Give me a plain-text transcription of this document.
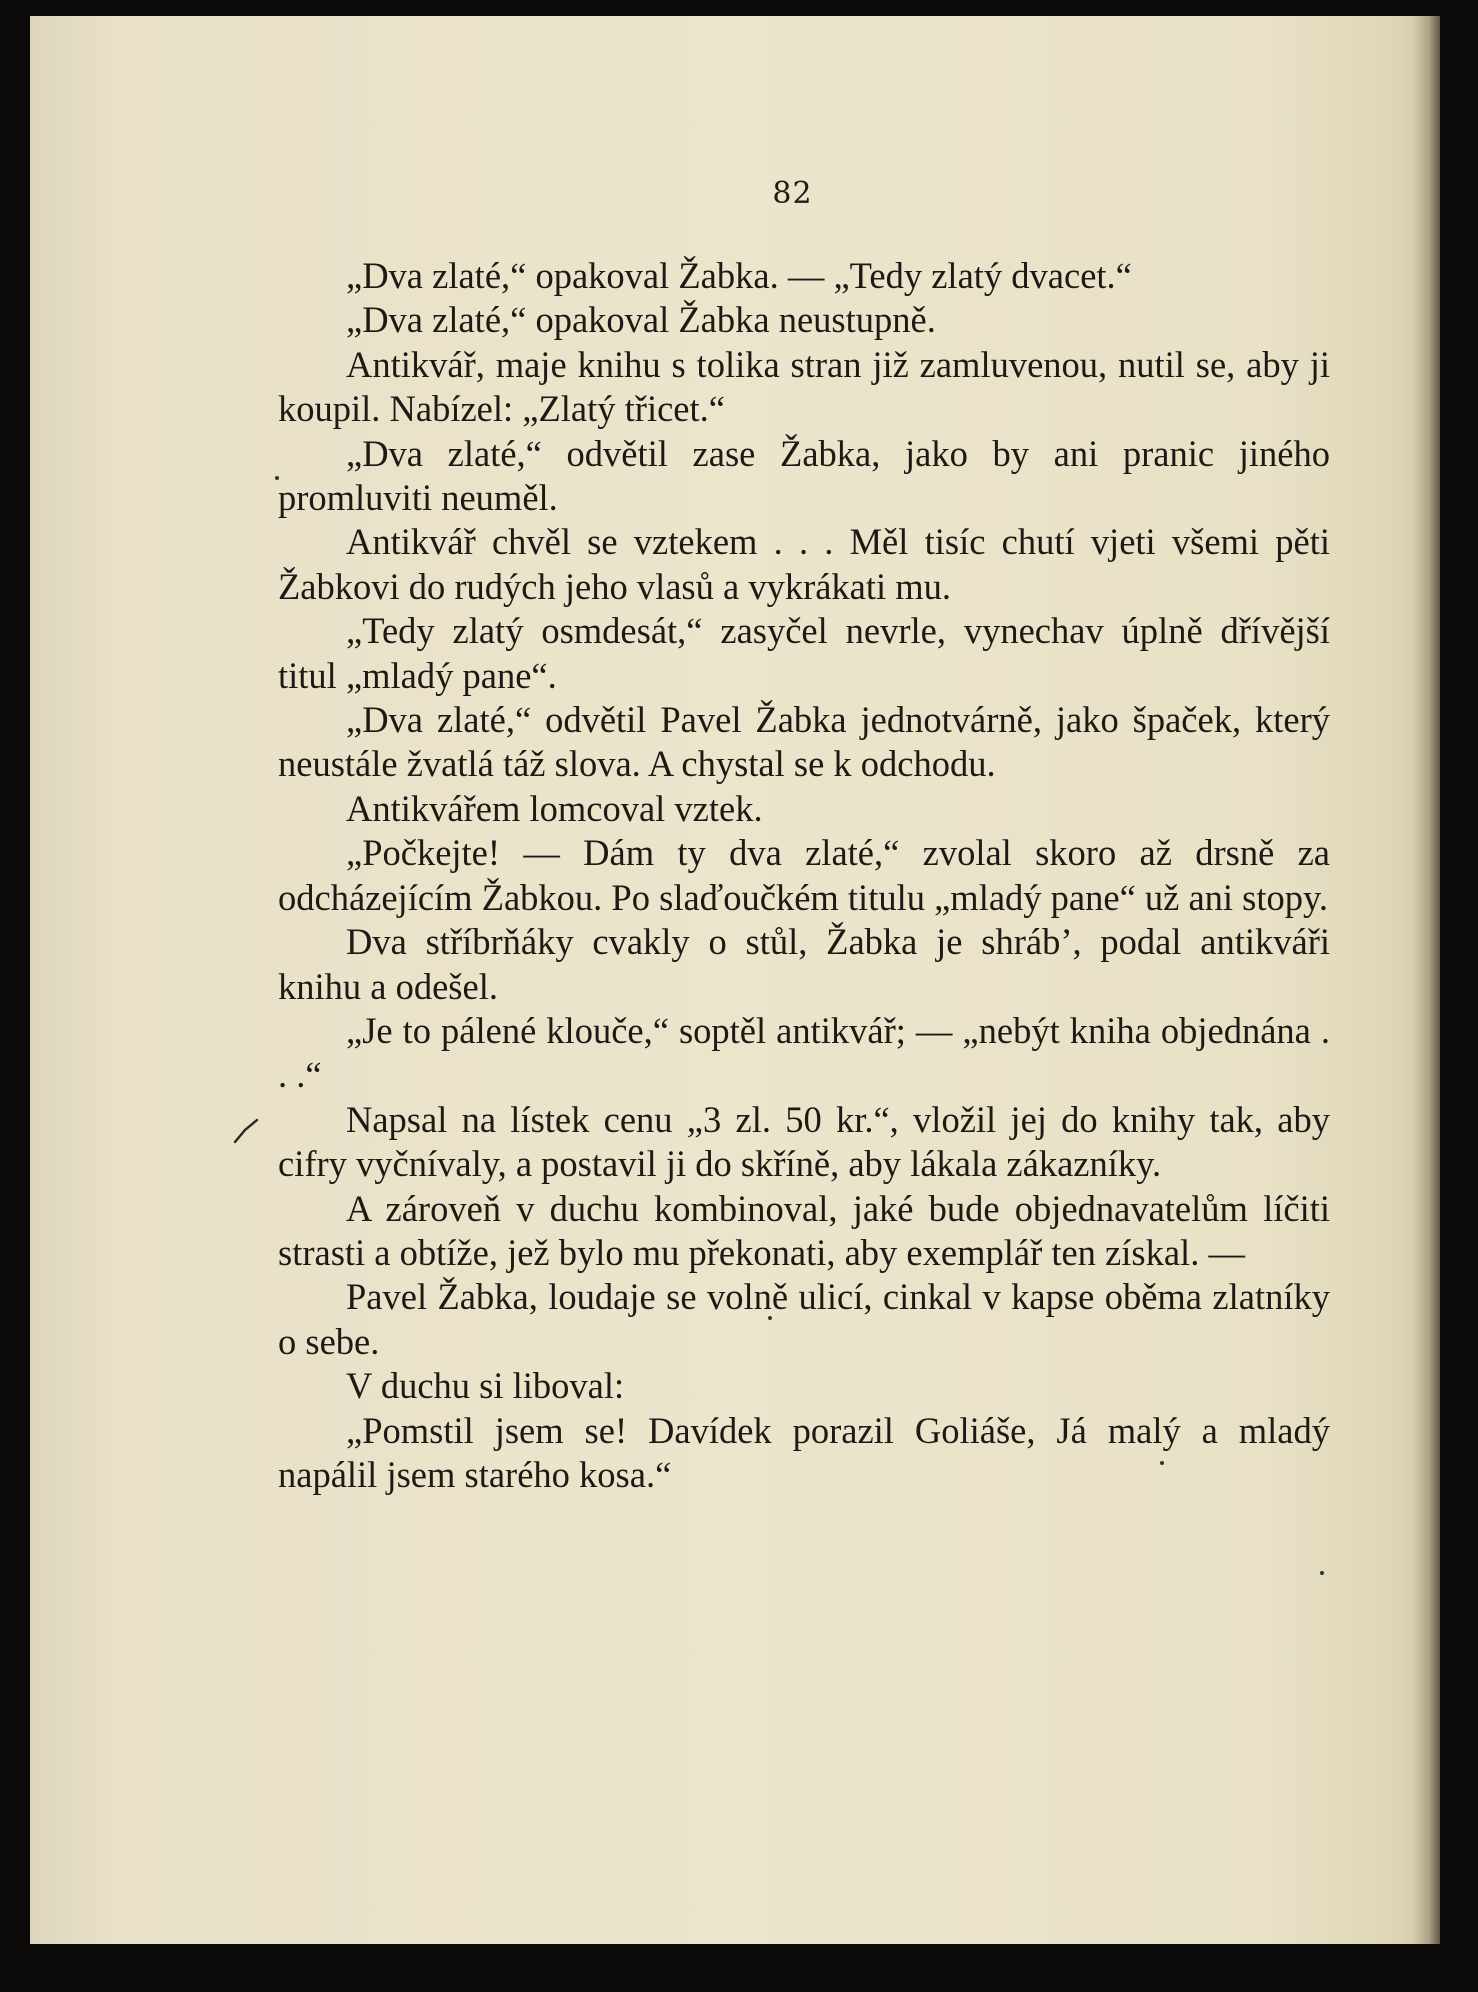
82

„Dva zlaté,“ opakoval Žabka. — „Tedy zlatý dvacet.“

„Dva zlaté,“ opakoval Žabka neustupně.

Antikvář, maje knihu s tolika stran již zamluvenou, nutil se, aby ji koupil. Nabízel: „Zlatý třicet.“

„Dva zlaté,“ odvětil zase Žabka, jako by ani pranic jiného promluviti neuměl.

Antikvář chvěl se vztekem . . . Měl tisíc chutí vjeti všemi pěti Žabkovi do rudých jeho vlasů a vykrákati mu.

„Tedy zlatý osmdesát,“ zasyčel nevrle, vynechav úplně dřívější titul „mladý pane“.

„Dva zlaté,“ odvětil Pavel Žabka jednotvárně, jako špaček, který neustále žvatlá táž slova. A chystal se k odchodu.

Antikvářem lomcoval vztek.

„Počkejte! — Dám ty dva zlaté,“ zvolal skoro až drsně za odcházejícím Žabkou. Po slaďoučkém titulu „mladý pane“ už ani stopy.

Dva stříbrňáky cvakly o stůl, Žabka je shráb’, podal antikváři knihu a odešel.

„Je to pálené klouče,“ soptěl antikvář; — „nebýt kniha objednána . . .“

Napsal na lístek cenu „3 zl. 50 kr.“, vložil jej do knihy tak, aby cifry vyčnívaly, a postavil ji do skříně, aby lákala zákazníky.

A zároveň v duchu kombinoval, jaké bude objednavatelům líčiti strasti a obtíže, jež bylo mu překonati, aby exemplář ten získal. —

Pavel Žabka, loudaje se volně ulicí, cinkal v kapse oběma zlatníky o sebe.

V duchu si liboval:

„Pomstil jsem se! Davídek porazil Goliáše, Já malý a mladý napálil jsem starého kosa.“
